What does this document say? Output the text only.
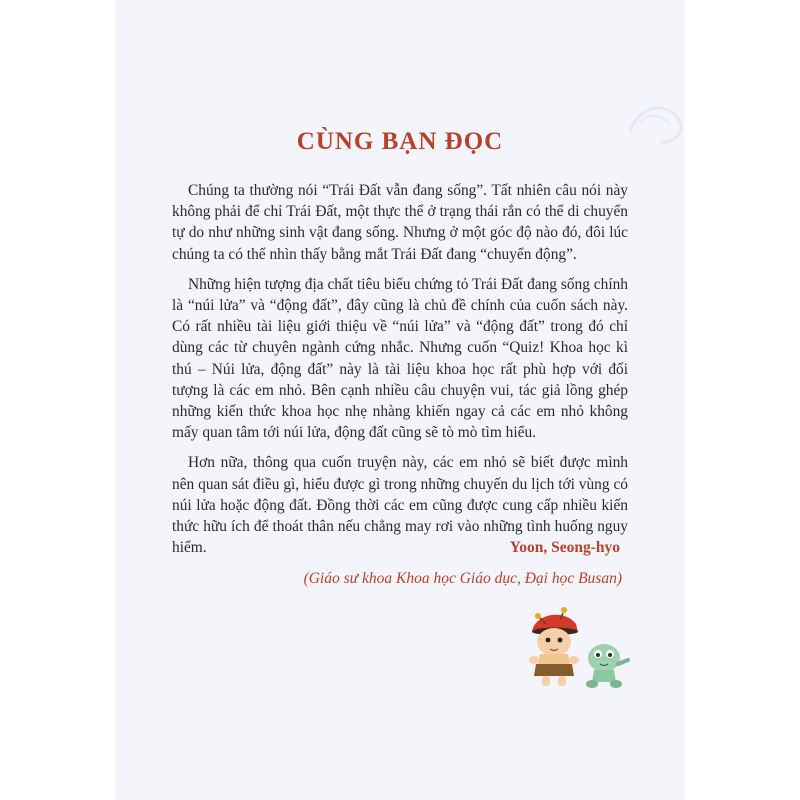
CÙNG BẠN ĐỌC

Chúng ta thường nói “Trái Đất vẫn đang sống”. Tất nhiên câu nói này không phải để chỉ Trái Đất, một thực thể ở trạng thái rắn có thể di chuyển tự do như những sinh vật đang sống. Nhưng ở một góc độ nào đó, đôi lúc chúng ta có thể nhìn thấy bằng mắt Trái Đất đang “chuyển động”.

Những hiện tượng địa chất tiêu biểu chứng tỏ Trái Đất đang sống chính là “núi lửa” và “động đất”, đây cũng là chủ đề chính của cuốn sách này. Có rất nhiều tài liệu giới thiệu về “núi lửa” và “động đất” trong đó chỉ dùng các từ chuyên ngành cứng nhắc. Nhưng cuốn “Quiz! Khoa học kì thú – Núi lửa, động đất” này là tài liệu khoa học rất phù hợp với đối tượng là các em nhỏ. Bên cạnh nhiều câu chuyện vui, tác giả lồng ghép những kiến thức khoa học nhẹ nhàng khiến ngay cả các em nhỏ không mấy quan tâm tới núi lửa, động đất cũng sẽ tò mò tìm hiểu.

Hơn nữa, thông qua cuốn truyện này, các em nhỏ sẽ biết được mình nên quan sát điều gì, hiểu được gì trong những chuyến du lịch tới vùng có núi lửa hoặc động đất. Đồng thời các em cũng được cung cấp nhiều kiến thức hữu ích để thoát thân nếu chẳng may rơi vào những tình huống nguy hiểm.	Yoon, Seong-hyo
(Giáo sư khoa Khoa học Giáo dục, Đại học Busan)
